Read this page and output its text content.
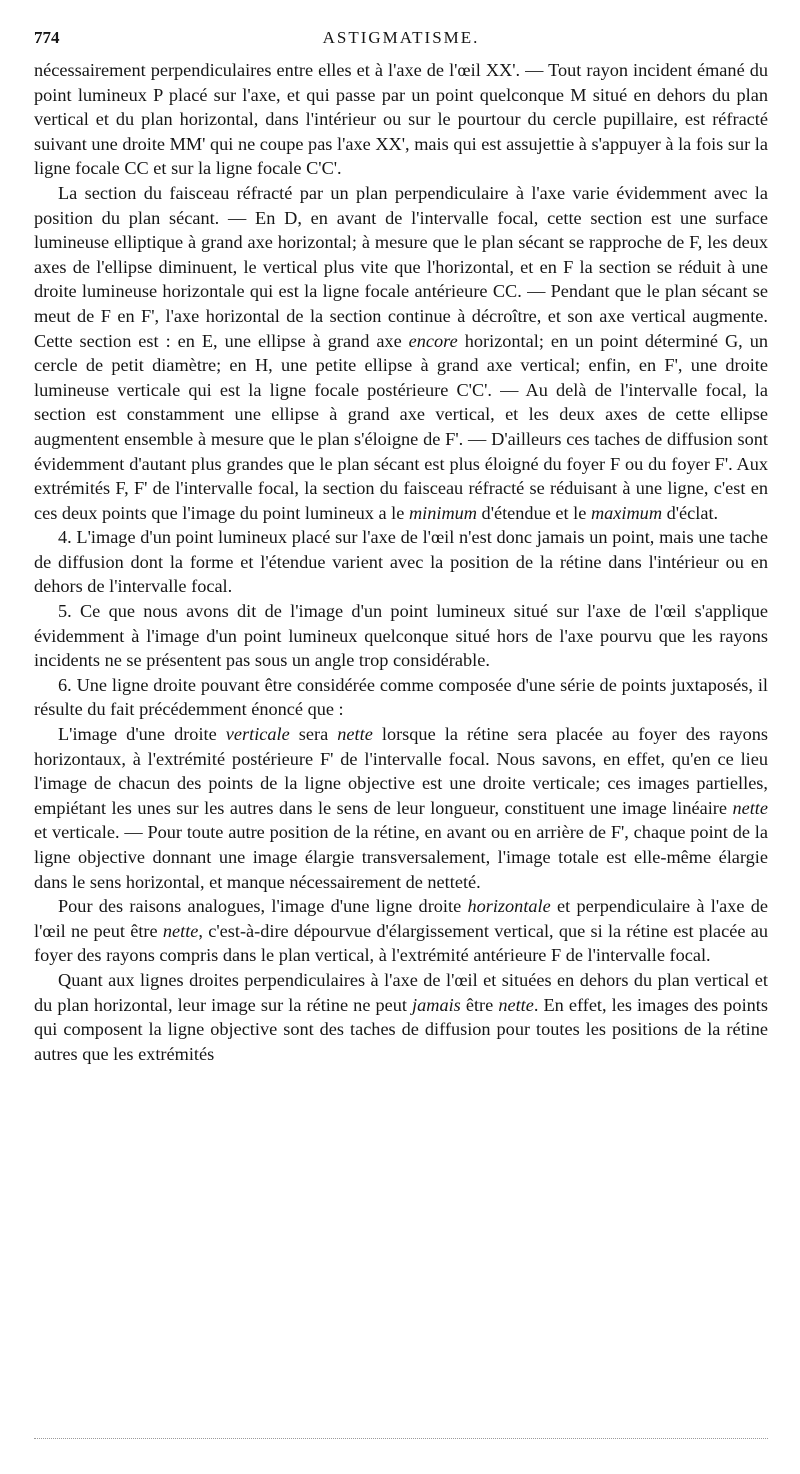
774	ASTIGMATISME.

nécessairement perpendiculaires entre elles et à l'axe de l'œil XX'. — Tout rayon incident émané du point lumineux P placé sur l'axe, et qui passe par un point quelconque M situé en dehors du plan vertical et du plan horizontal, dans l'intérieur ou sur le pourtour du cercle pupillaire, est réfracté suivant une droite MM' qui ne coupe pas l'axe XX', mais qui est assujettie à s'appuyer à la fois sur la ligne focale CC et sur la ligne focale C'C'.

La section du faisceau réfracté par un plan perpendiculaire à l'axe varie évidemment avec la position du plan sécant. — En D, en avant de l'intervalle focal, cette section est une surface lumineuse elliptique à grand axe horizontal; à mesure que le plan sécant se rapproche de F, les deux axes de l'ellipse diminuent, le vertical plus vite que l'horizontal, et en F la section se réduit à une droite lumineuse horizontale qui est la ligne focale antérieure CC. — Pendant que le plan sécant se meut de F en F', l'axe horizontal de la section continue à décroître, et son axe vertical augmente. Cette section est : en E, une ellipse à grand axe encore horizontal; en un point déterminé G, un cercle de petit diamètre; en H, une petite ellipse à grand axe vertical; enfin, en F', une droite lumineuse verticale qui est la ligne focale postérieure C'C'. — Au delà de l'intervalle focal, la section est constamment une ellipse à grand axe vertical, et les deux axes de cette ellipse augmentent ensemble à mesure que le plan s'éloigne de F'. — D'ailleurs ces taches de diffusion sont évidemment d'autant plus grandes que le plan sécant est plus éloigné du foyer F ou du foyer F'. Aux extrémités F, F' de l'intervalle focal, la section du faisceau réfracté se réduisant à une ligne, c'est en ces deux points que l'image du point lumineux a le minimum d'étendue et le maximum d'éclat.

4. L'image d'un point lumineux placé sur l'axe de l'œil n'est donc jamais un point, mais une tache de diffusion dont la forme et l'étendue varient avec la position de la rétine dans l'intérieur ou en dehors de l'intervalle focal.

5. Ce que nous avons dit de l'image d'un point lumineux situé sur l'axe de l'œil s'applique évidemment à l'image d'un point lumineux quelconque situé hors de l'axe pourvu que les rayons incidents ne se présentent pas sous un angle trop considérable.

6. Une ligne droite pouvant être considérée comme composée d'une série de points juxtaposés, il résulte du fait précédemment énoncé que :

L'image d'une droite verticale sera nette lorsque la rétine sera placée au foyer des rayons horizontaux, à l'extrémité postérieure F' de l'intervalle focal. Nous savons, en effet, qu'en ce lieu l'image de chacun des points de la ligne objective est une droite verticale; ces images partielles, empiétant les unes sur les autres dans le sens de leur longueur, constituent une image linéaire nette et verticale. — Pour toute autre position de la rétine, en avant ou en arrière de F', chaque point de la ligne objective donnant une image élargie transversalement, l'image totale est elle-même élargie dans le sens horizontal, et manque nécessairement de netteté.

Pour des raisons analogues, l'image d'une ligne droite horizontale et perpendiculaire à l'axe de l'œil ne peut être nette, c'est-à-dire dépourvue d'élargissement vertical, que si la rétine est placée au foyer des rayons compris dans le plan vertical, à l'extrémité antérieure F de l'intervalle focal.

Quant aux lignes droites perpendiculaires à l'axe de l'œil et situées en dehors du plan vertical et du plan horizontal, leur image sur la rétine ne peut jamais être nette. En effet, les images des points qui composent la ligne objective sont des taches de diffusion pour toutes les positions de la rétine autres que les extrémités
